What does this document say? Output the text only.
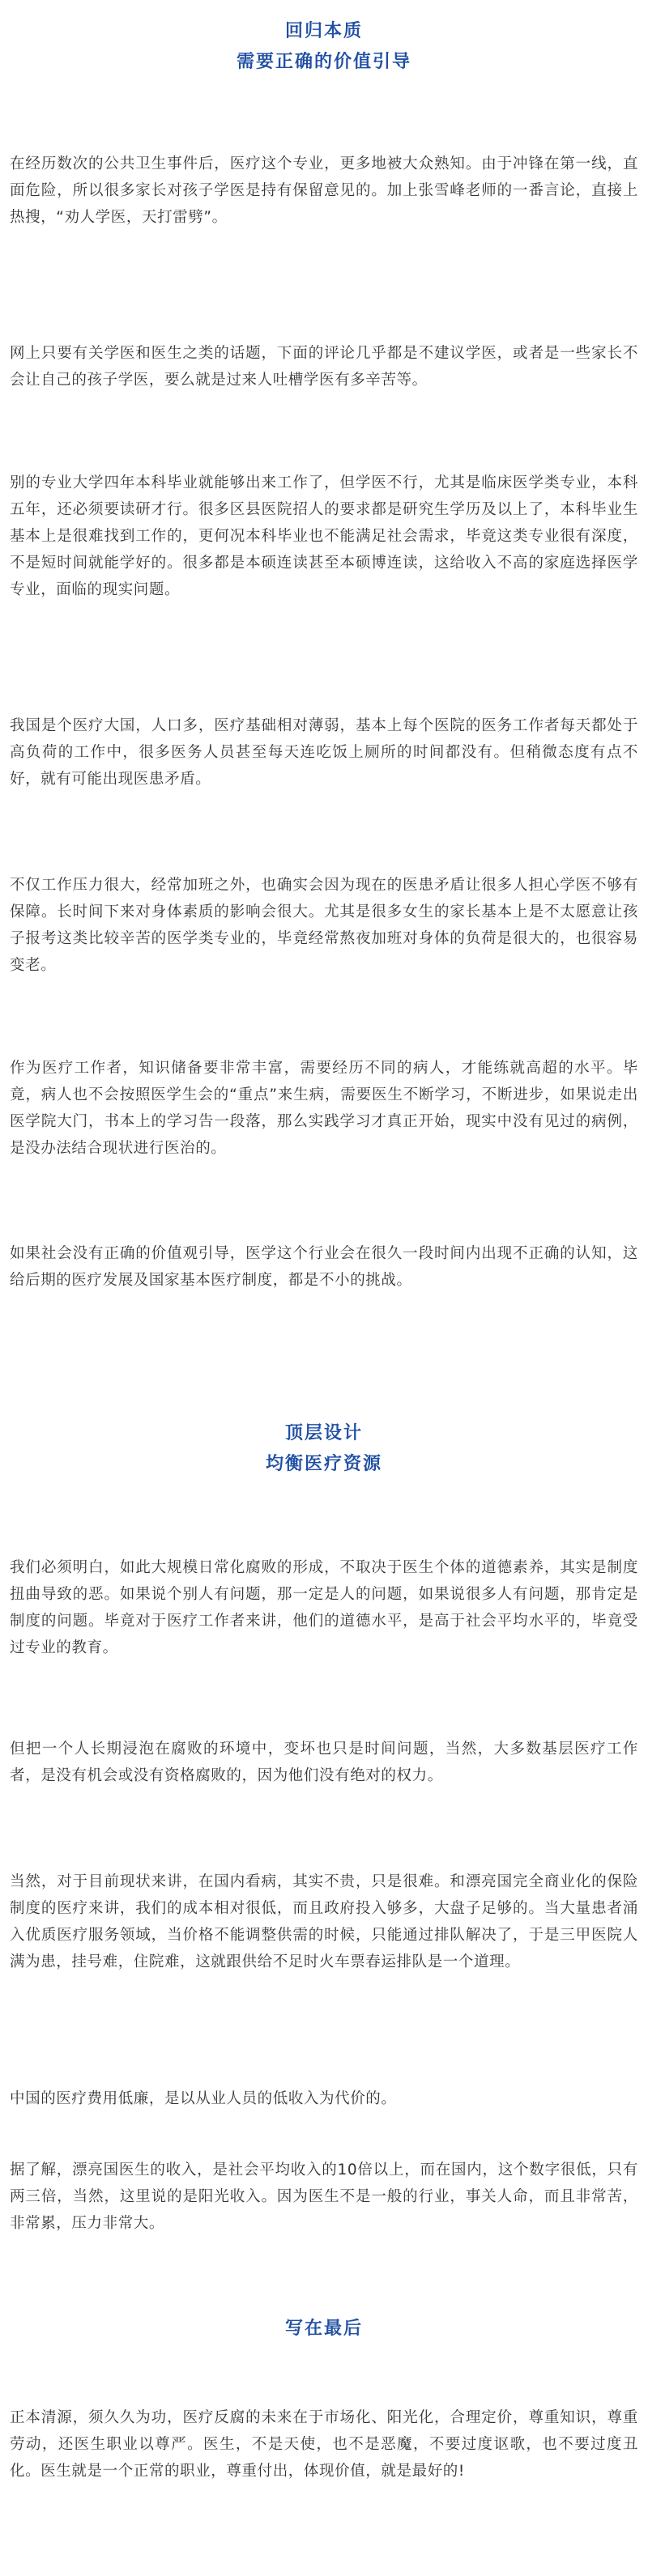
回归本质
需要正确的价值引导
在经历数次的公共卫生事件后，医疗这个专业，更多地被大众熟知。由于冲锋在第一线，直面危险，所以很多家长对孩子学医是持有保留意见的。加上张雪峰老师的一番言论，直接上热搜，“劝人学医，天打雷劈”。
网上只要有关学医和医生之类的话题，下面的评论几乎都是不建议学医，或者是一些家长不会让自己的孩子学医，要么就是过来人吐槽学医有多辛苦等。
别的专业大学四年本科毕业就能够出来工作了，但学医不行，尤其是临床医学类专业，本科五年，还必须要读研才行。很多区县医院招人的要求都是研究生学历及以上了，本科毕业生基本上是很难找到工作的，更何况本科毕业也不能满足社会需求，毕竟这类专业很有深度，不是短时间就能学好的。很多都是本硕连读甚至本硕博连读，这给收入不高的家庭选择医学专业，面临的现实问题。
我国是个医疗大国，人口多，医疗基础相对薄弱，基本上每个医院的医务工作者每天都处于高负荷的工作中，很多医务人员甚至每天连吃饭上厕所的时间都没有。但稍微态度有点不好，就有可能出现医患矛盾。
不仅工作压力很大，经常加班之外，也确实会因为现在的医患矛盾让很多人担心学医不够有保障。长时间下来对身体素质的影响会很大。尤其是很多女生的家长基本上是不太愿意让孩子报考这类比较辛苦的医学类专业的，毕竟经常熬夜加班对身体的负荷是很大的，也很容易变老。
作为医疗工作者，知识储备要非常丰富，需要经历不同的病人，才能练就高超的水平。毕竟，病人也不会按照医学生会的“重点”来生病，需要医生不断学习，不断进步，如果说走出医学院大门，书本上的学习告一段落，那么实践学习才真正开始，现实中没有见过的病例，是没办法结合现状进行医治的。
如果社会没有正确的价值观引导，医学这个行业会在很久一段时间内出现不正确的认知，这给后期的医疗发展及国家基本医疗制度，都是不小的挑战。
顶层设计
均衡医疗资源
我们必须明白，如此大规模日常化腐败的形成，不取决于医生个体的道德素养，其实是制度扭曲导致的恶。如果说个别人有问题，那一定是人的问题，如果说很多人有问题，那肯定是制度的问题。毕竟对于医疗工作者来讲，他们的道德水平，是高于社会平均水平的，毕竟受过专业的教育。
但把一个人长期浸泡在腐败的环境中，变坏也只是时间问题，当然，大多数基层医疗工作者，是没有机会或没有资格腐败的，因为他们没有绝对的权力。
当然，对于目前现状来讲，在国内看病，其实不贵，只是很难。和漂亮国完全商业化的保险制度的医疗来讲，我们的成本相对很低，而且政府投入够多，大盘子足够的。当大量患者涌入优质医疗服务领域，当价格不能调整供需的时候，只能通过排队解决了，于是三甲医院人满为患，挂号难，住院难，这就跟供给不足时火车票春运排队是一个道理。
中国的医疗费用低廉，是以从业人员的低收入为代价的。
据了解，漂亮国医生的收入，是社会平均收入的10倍以上，而在国内，这个数字很低，只有两三倍，当然，这里说的是阳光收入。因为医生不是一般的行业，事关人命，而且非常苦，非常累，压力非常大。
写在最后
正本清源，须久久为功，医疗反腐的未来在于市场化、阳光化，合理定价，尊重知识，尊重劳动，还医生职业以尊严。医生，不是天使，也不是恶魔，不要过度讴歌，也不要过度丑化。医生就是一个正常的职业，尊重付出，体现价值，就是最好的!
